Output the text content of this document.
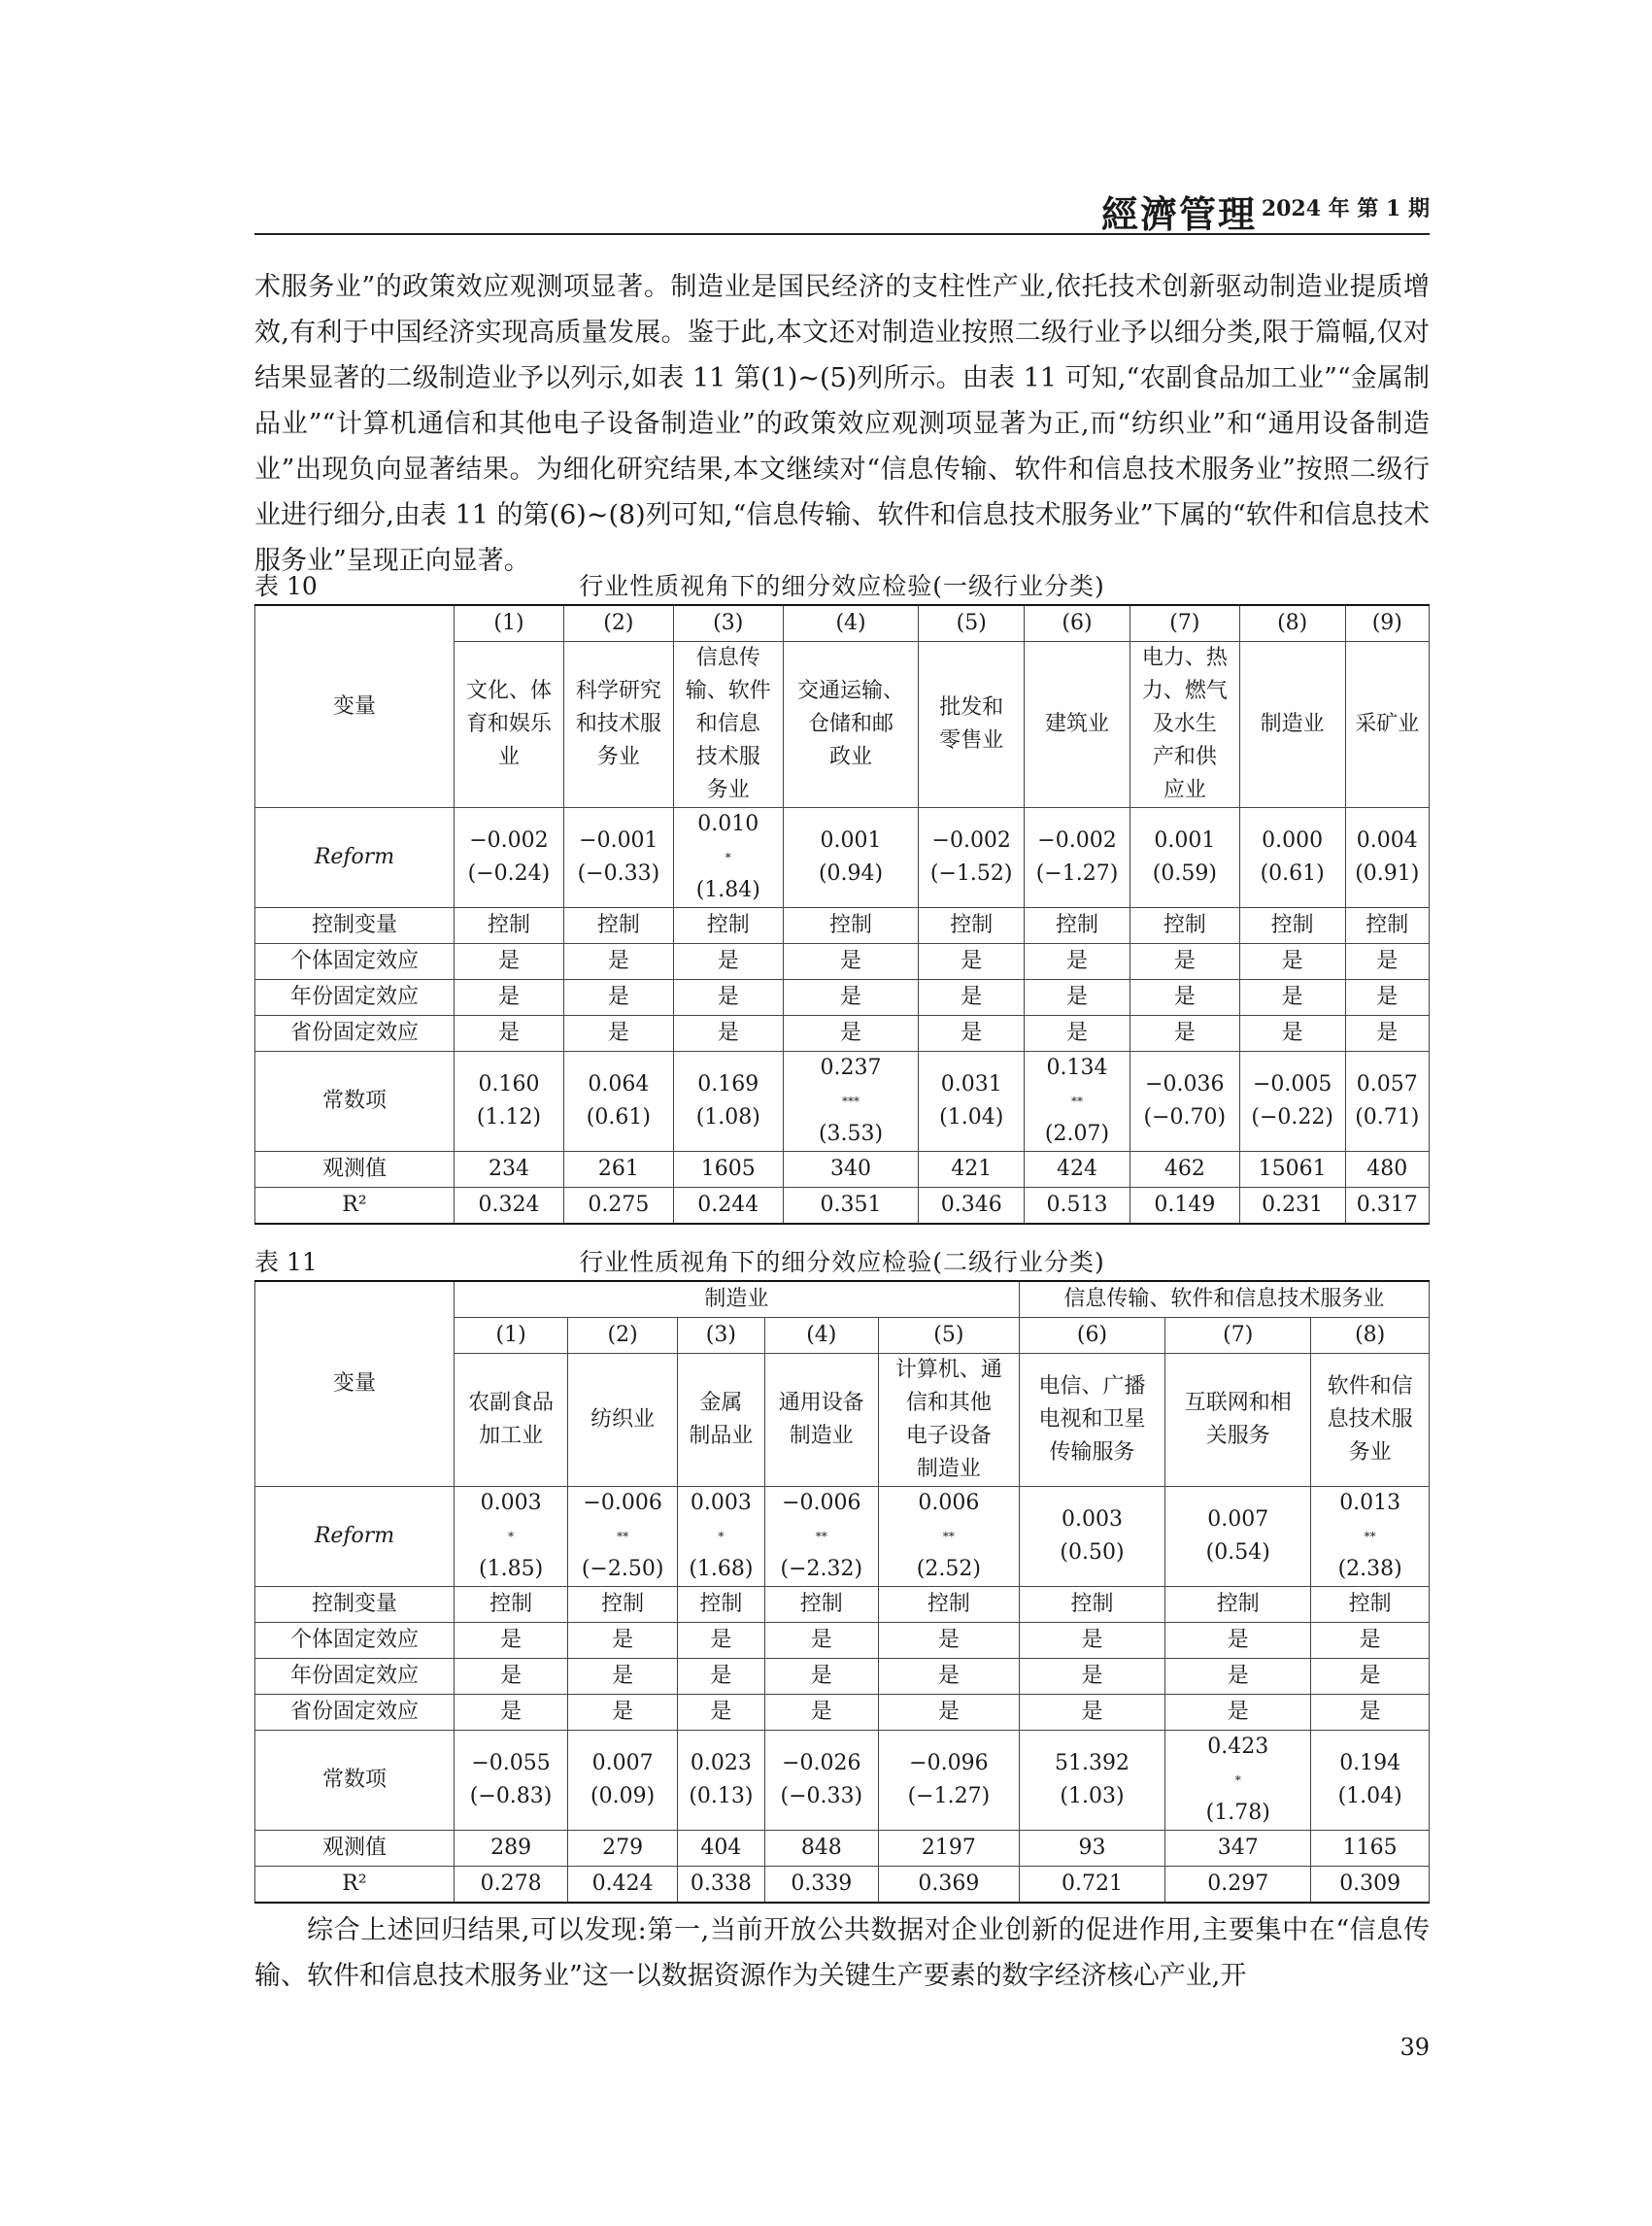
經濟管理 2024 年 第 1 期
术服务业”的政策效应观测项显著。制造业是国民经济的支柱性产业,依托技术创新驱动制造业提质增效,有利于中国经济实现高质量发展。鉴于此,本文还对制造业按照二级行业予以细分类,限于篇幅,仅对结果显著的二级制造业予以列示,如表 11 第(1)~(5)列所示。由表 11 可知,“农副食品加工业”“金属制品业”“计算机通信和其他电子设备制造业”的政策效应观测项显著为正,而“纺织业”和“通用设备制造业”出现负向显著结果。为细化研究结果,本文继续对“信息传输、软件和信息技术服务业”按照二级行业进行细分,由表 11 的第(6)~(8)列可知,“信息传输、软件和信息技术服务业”下属的“软件和信息技术服务业”呈现正向显著。
表 10	行业性质视角下的细分效应检验(一级行业分类)
变量	(1)	(2)	(3)	(4)	(5)	(6)	(7)	(8)	(9)

	文化、体
育和娱乐
业	科学研究
和技术服
务业	信息传
输、软件
和信息
技术服
务业	交通运输、
仓储和邮
政业	批发和
零售业	建筑业	电力、热
力、燃气
及水生
产和供
应业	制造业	采矿业

Reform	−0.002
(−0.24)	−0.001
(−0.33)	0.010
*
(1.84)	0.001
(0.94)	−0.002
(−1.52)	−0.002
(−1.27)	0.001
(0.59)	0.000
(0.61)	0.004
(0.91)

控制变量	控制	控制	控制	控制	控制	控制	控制	控制	控制
个体固定效应	是	是	是	是	是	是	是	是	是
年份固定效应	是	是	是	是	是	是	是	是	是
省份固定效应	是	是	是	是	是	是	是	是	是
常数项	0.160
(1.12)	0.064
(0.61)	0.169
(1.08)	0.237
***
(3.53)	0.031
(1.04)	0.134
**
(2.07)	−0.036
(−0.70)	−0.005
(−0.22)	0.057
(0.71)

观测值	234	261	1605	340	421	424	462	15061	480
R²	0.324	0.275	0.244	0.351	0.346	0.513	0.149	0.231	0.317
表 11	行业性质视角下的细分效应检验(二级行业分类)
变量	制造业					信息传输、软件和信息技术服务业		
	(1)	(2)	(3)	(4)	(5)	(6)	(7)	(8)

	农副食品
加工业	纺织业	金属
制品业	通用设备
制造业	计算机、通
信和其他
电子设备
制造业	电信、广播
电视和卫星
传输服务	互联网和相
关服务	软件和信
息技术服
务业

Reform	0.003
*
(1.85)	−0.006
**
(−2.50)	0.003
*
(1.68)	−0.006
**
(−2.32)	0.006
**
(2.52)	0.003
(0.50)	0.007
(0.54)	0.013
**
(2.38)

控制变量	控制	控制	控制	控制	控制	控制	控制	控制
个体固定效应	是	是	是	是	是	是	是	是
年份固定效应	是	是	是	是	是	是	是	是
省份固定效应	是	是	是	是	是	是	是	是
常数项	−0.055
(−0.83)	0.007
(0.09)	0.023
(0.13)	−0.026
(−0.33)	−0.096
(−1.27)	51.392
(1.03)	0.423
*
(1.78)	0.194
(1.04)

观测值	289	279	404	848	2197	93	347	1165
R²	0.278	0.424	0.338	0.339	0.369	0.721	0.297	0.309
综合上述回归结果,可以发现:第一,当前开放公共数据对企业创新的促进作用,主要集中在“信息传输、软件和信息技术服务业”这一以数据资源作为关键生产要素的数字经济核心产业,开
39
